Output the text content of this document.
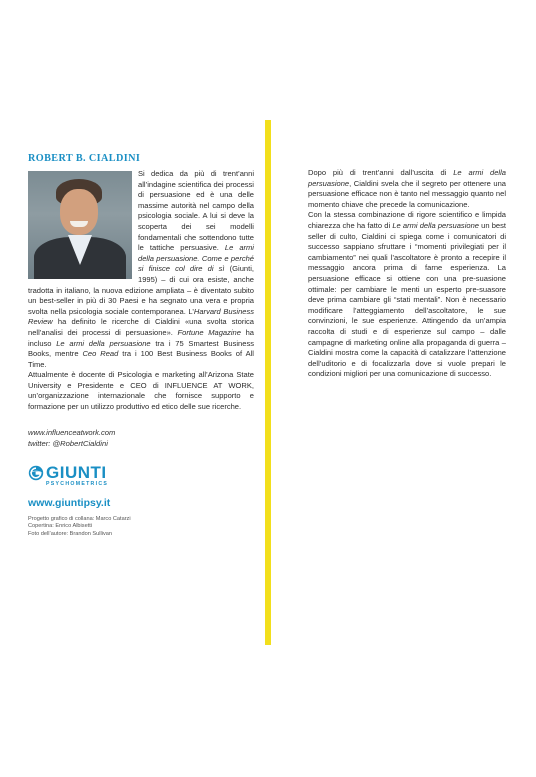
ROBERT B. CIALDINI
Si dedica da più di trent’anni all’indagine scientifica dei processi di persuasione ed è una delle massime autorità nel campo della psicologia sociale. A lui si deve la scoperta dei sei modelli fondamentali che sottendono tutte le tattiche persuasive. Le armi della persuasione. Come e perché si finisce col dire di sì (Giunti, 1995) – di cui ora esiste, anche tradotta in italiano, la nuova edizione ampliata – è diventato subito un best-seller in più di 30 Paesi e ha segnato una vera e propria svolta nella psicologia sociale contemporanea. L’Harvard Business Review ha definito le ricerche di Cialdini «una svolta storica nell’analisi dei processi di persuasione». Fortune Magazine ha incluso Le armi della persuasione tra i 75 Smartest Business Books, mentre Ceo Read tra i 100 Best Business Books of All Time.
Attualmente è docente di Psicologia e marketing all’Arizona State University e Presidente e CEO di INFLUENCE AT WORK, un’organizzazione internazionale che fornisce supporto e formazione per un utilizzo produttivo ed etico delle sue ricerche.
www.influenceatwork.com
twitter: @RobertCialdini
GIUNTI
PSYCHOMETRICS
www.giuntipsy.it
Progetto grafico di collana: Marco Catarzi
Copertina: Enrico Albisetti
Foto dell’autore: Brandon Sullivan

Dopo più di trent’anni dall’uscita di Le armi della persuasione, Cialdini svela che il segreto per ottenere una persuasione efficace non è tanto nel messaggio quanto nel momento chiave che precede la comunicazione.

Con la stessa combinazione di rigore scientifico e limpida chiarezza che ha fatto di Le armi della persuasione un best seller di culto, Cialdini ci spiega come i comunicatori di successo sappiano sfruttare i “momenti privilegiati per il cambiamento” nei quali l’ascoltatore è pronto a recepire il messaggio ancora prima di farne esperienza. La persuasione efficace si ottiene con una pre-suasione ottimale: per cambiare le menti un esperto pre-suasore deve prima cambiare gli “stati mentali”. Non è necessario modificare l’atteggiamento dell’ascoltatore, le sue convinzioni, le sue esperienze. Attingendo da un’ampia raccolta di studi e di esperienze sul campo – dalle campagne di marketing online alla propaganda di guerra – Cialdini mostra come la capacità di catalizzare l’attenzione dell’uditorio e di focalizzarla dove si vuole prepari le condizioni migliori per una comunicazione di successo.
